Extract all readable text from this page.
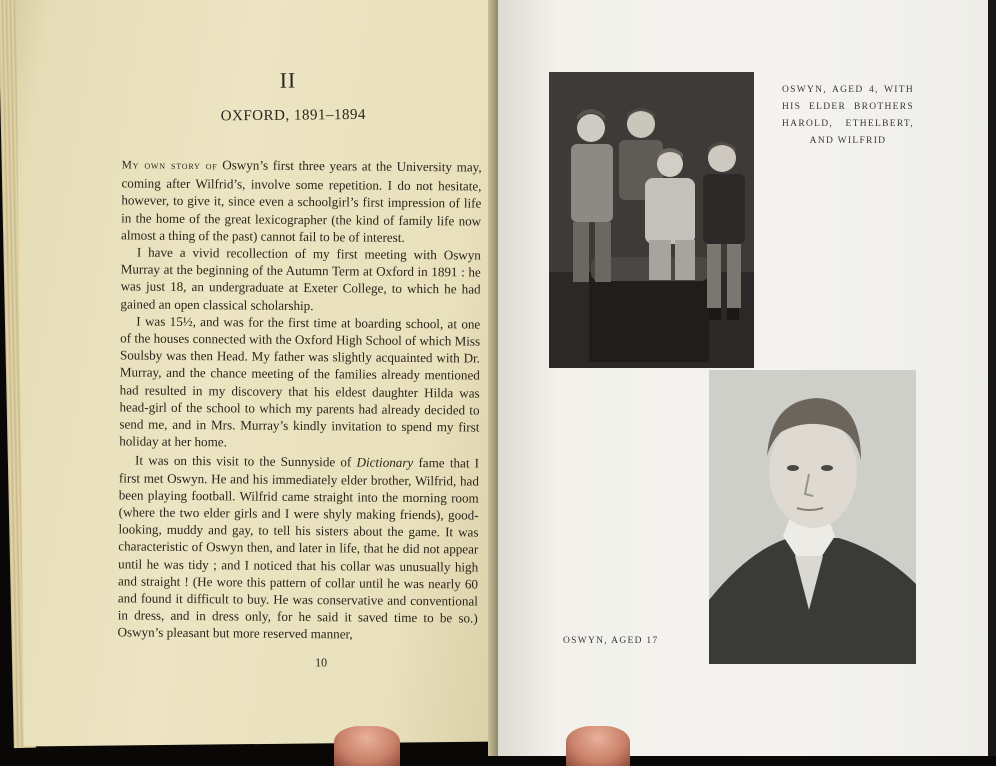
II
OXFORD, 1891–1894

My own story of Oswyn’s first three years at the University may, coming after Wilfrid’s, involve some repetition. I do not hesitate, however, to give it, since even a schoolgirl’s first impression of life in the home of the great lexicographer (the kind of family life now almost a thing of the past) cannot fail to be of interest.

I have a vivid recollection of my first meeting with Oswyn Murray at the beginning of the Autumn Term at Oxford in 1891 : he was just 18, an undergraduate at Exeter College, to which he had gained an open classical scholarship.

I was 15½, and was for the first time at boarding school, at one of the houses connected with the Oxford High School of which Miss Soulsby was then Head. My father was slightly acquainted with Dr. Murray, and the chance meeting of the families already mentioned had resulted in my discovery that his eldest daughter Hilda was head-girl of the school to which my parents had already decided to send me, and in Mrs. Murray’s kindly invitation to spend my first holiday at her home.

It was on this visit to the Sunnyside of Dictionary fame that I first met Oswyn. He and his immediately elder brother, Wilfrid, had been playing football. Wilfrid came straight into the morning room (where the two elder girls and I were shyly making friends), good-looking, muddy and gay, to tell his sisters about the game. It was characteristic of Oswyn then, and later in life, that he did not appear until he was tidy ; and I noticed that his collar was unusually high and straight ! (He wore this pattern of collar until he was nearly 60 and found it difficult to buy. He was conservative and conventional in dress, and in dress only, for he said it saved time to be so.) Oswyn’s pleasant but more reserved manner,

10
OSWYN, AGED 4, WITH
HIS ELDER BROTHERS
HAROLD, ETHELBERT,
AND WILFRID
OSWYN, AGED 17
